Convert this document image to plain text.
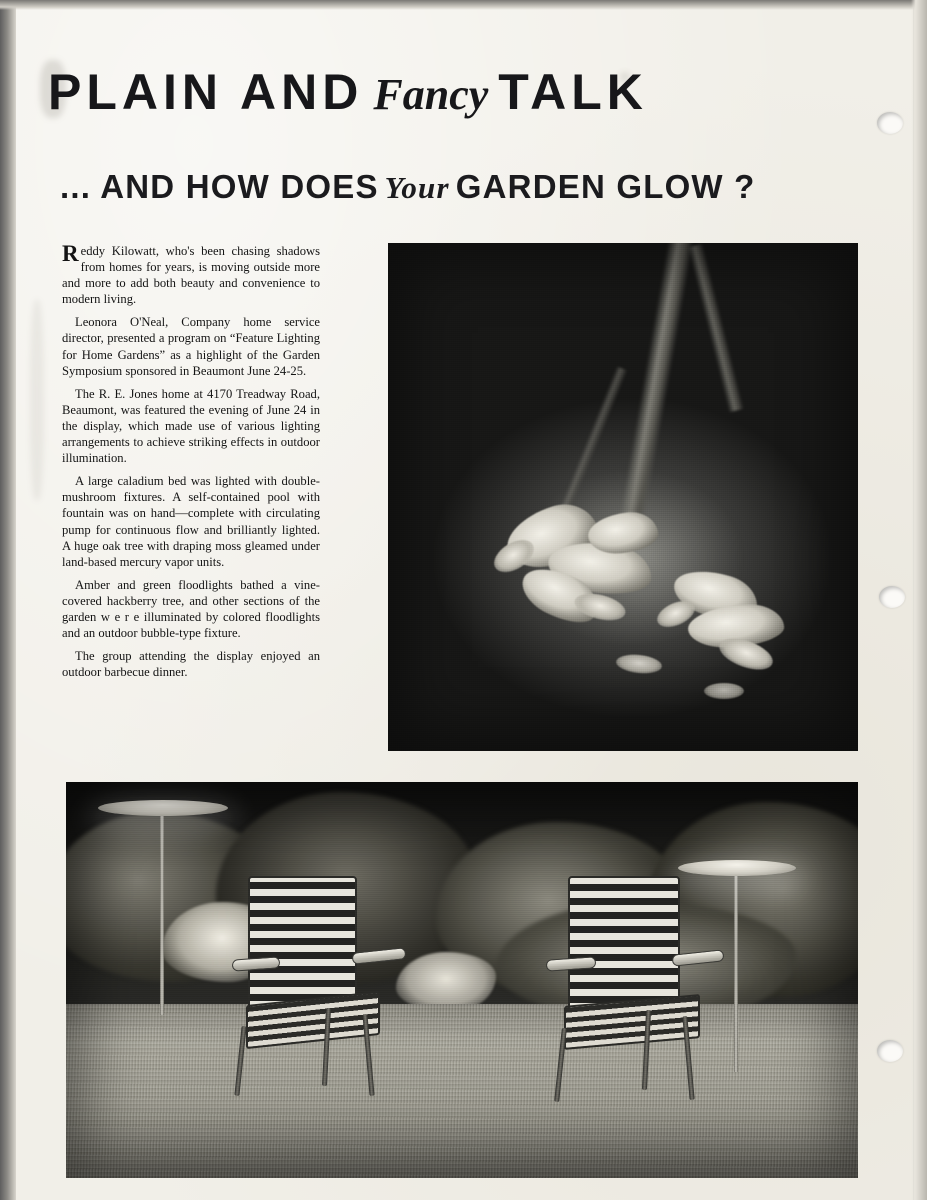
PLAIN AND Fancy TALK
... AND HOW DOES Your GARDEN GLOW ?

Reddy Kilowatt, who's been chasing shadows from homes for years, is moving outside more and more to add both beauty and convenience to modern living.

Leonora O'Neal, Company home service director, presented a program on “Feature Lighting for Home Gardens” as a highlight of the Garden Symposium sponsored in Beaumont June 24-25.

The R. E. Jones home at 4170 Treadway Road, Beaumont, was featured the evening of June 24 in the display, which made use of various lighting arrangements to achieve striking effects in outdoor illumination.

A large caladium bed was lighted with double-mushroom fixtures. A self-contained pool with fountain was on hand—complete with circulating pump for continuous flow and brilliantly lighted. A huge oak tree with draping moss gleamed under land-based mercury vapor units.

Amber and green floodlights bathed a vine-covered hackberry tree, and other sections of the garden w e r e illuminated by colored floodlights and an outdoor bubble-type fixture.

The group attending the display enjoyed an outdoor barbecue dinner.
